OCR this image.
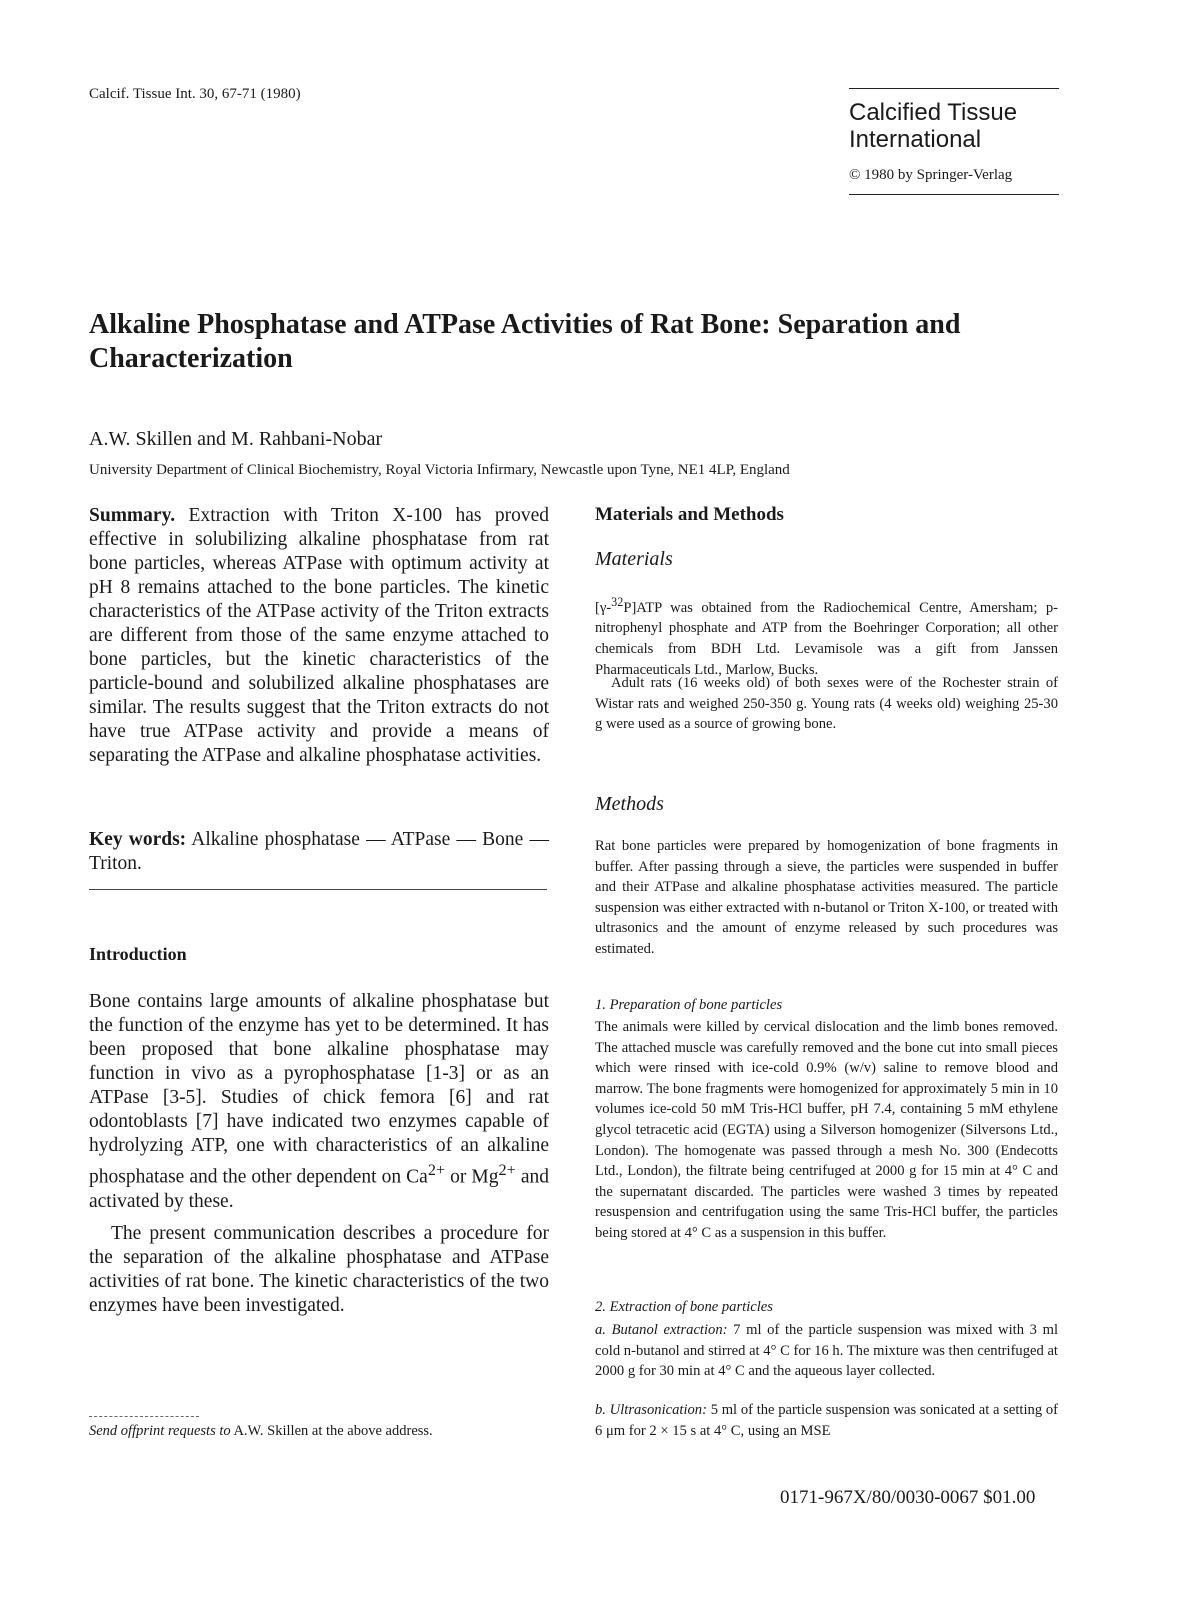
Calcif. Tissue Int. 30, 67-71 (1980)
Calcified Tissue International
© 1980 by Springer-Verlag
Alkaline Phosphatase and ATPase Activities of Rat Bone: Separation and Characterization
A.W. Skillen and M. Rahbani-Nobar
University Department of Clinical Biochemistry, Royal Victoria Infirmary, Newcastle upon Tyne, NE1 4LP, England
Summary. Extraction with Triton X-100 has proved effective in solubilizing alkaline phosphatase from rat bone particles, whereas ATPase with optimum activity at pH 8 remains attached to the bone particles. The kinetic characteristics of the ATPase activity of the Triton extracts are different from those of the same enzyme attached to bone particles, but the kinetic characteristics of the particle-bound and solubilized alkaline phosphatases are similar. The results suggest that the Triton extracts do not have true ATPase activity and provide a means of separating the ATPase and alkaline phosphatase activities.
Key words: Alkaline phosphatase — ATPase — Bone — Triton.
Introduction
Bone contains large amounts of alkaline phosphatase but the function of the enzyme has yet to be determined. It has been proposed that bone alkaline phosphatase may function in vivo as a pyrophosphatase [1-3] or as an ATPase [3-5]. Studies of chick femora [6] and rat odontoblasts [7] have indicated two enzymes capable of hydrolyzing ATP, one with characteristics of an alkaline phosphatase and the other dependent on $Ca^{2+}$ or $Mg^{2+}$ and activated by these.
The present communication describes a procedure for the separation of the alkaline phosphatase and ATPase activities of rat bone. The kinetic characteristics of the two enzymes have been investigated.
Send offprint requests to A.W. Skillen at the above address.
Materials and Methods
Materials
[γ-$^{32}$P]ATP was obtained from the Radiochemical Centre, Amersham; p-nitrophenyl phosphate and ATP from the Boehringer Corporation; all other chemicals from BDH Ltd. Levamisole was a gift from Janssen Pharmaceuticals Ltd., Marlow, Bucks.
Adult rats (16 weeks old) of both sexes were of the Rochester strain of Wistar rats and weighed 250-350 g. Young rats (4 weeks old) weighing 25-30 g were used as a source of growing bone.
Methods
Rat bone particles were prepared by homogenization of bone fragments in buffer. After passing through a sieve, the particles were suspended in buffer and their ATPase and alkaline phosphatase activities measured. The particle suspension was either extracted with n-butanol or Triton X-100, or treated with ultrasonics and the amount of enzyme released by such procedures was estimated.
1. Preparation of bone particles
The animals were killed by cervical dislocation and the limb bones removed. The attached muscle was carefully removed and the bone cut into small pieces which were rinsed with ice-cold 0.9% (w/v) saline to remove blood and marrow. The bone fragments were homogenized for approximately 5 min in 10 volumes ice-cold 50 mM Tris-HCl buffer, pH 7.4, containing 5 mM ethylene glycol tetracetic acid (EGTA) using a Silverson homogenizer (Silversons Ltd., London). The homogenate was passed through a mesh No. 300 (Endecotts Ltd., London), the filtrate being centrifuged at 2000 g for 15 min at 4° C and the supernatant discarded. The particles were washed 3 times by repeated resuspension and centrifugation using the same Tris-HCl buffer, the particles being stored at 4° C as a suspension in this buffer.
2. Extraction of bone particles
a. Butanol extraction: 7 ml of the particle suspension was mixed with 3 ml cold n-butanol and stirred at 4° C for 16 h. The mixture was then centrifuged at 2000 g for 30 min at 4° C and the aqueous layer collected.
b. Ultrasonication: 5 ml of the particle suspension was sonicated at a setting of 6 μm for 2 × 15 s at 4° C, using an MSE
0171-967X/80/0030-0067 $01.00
